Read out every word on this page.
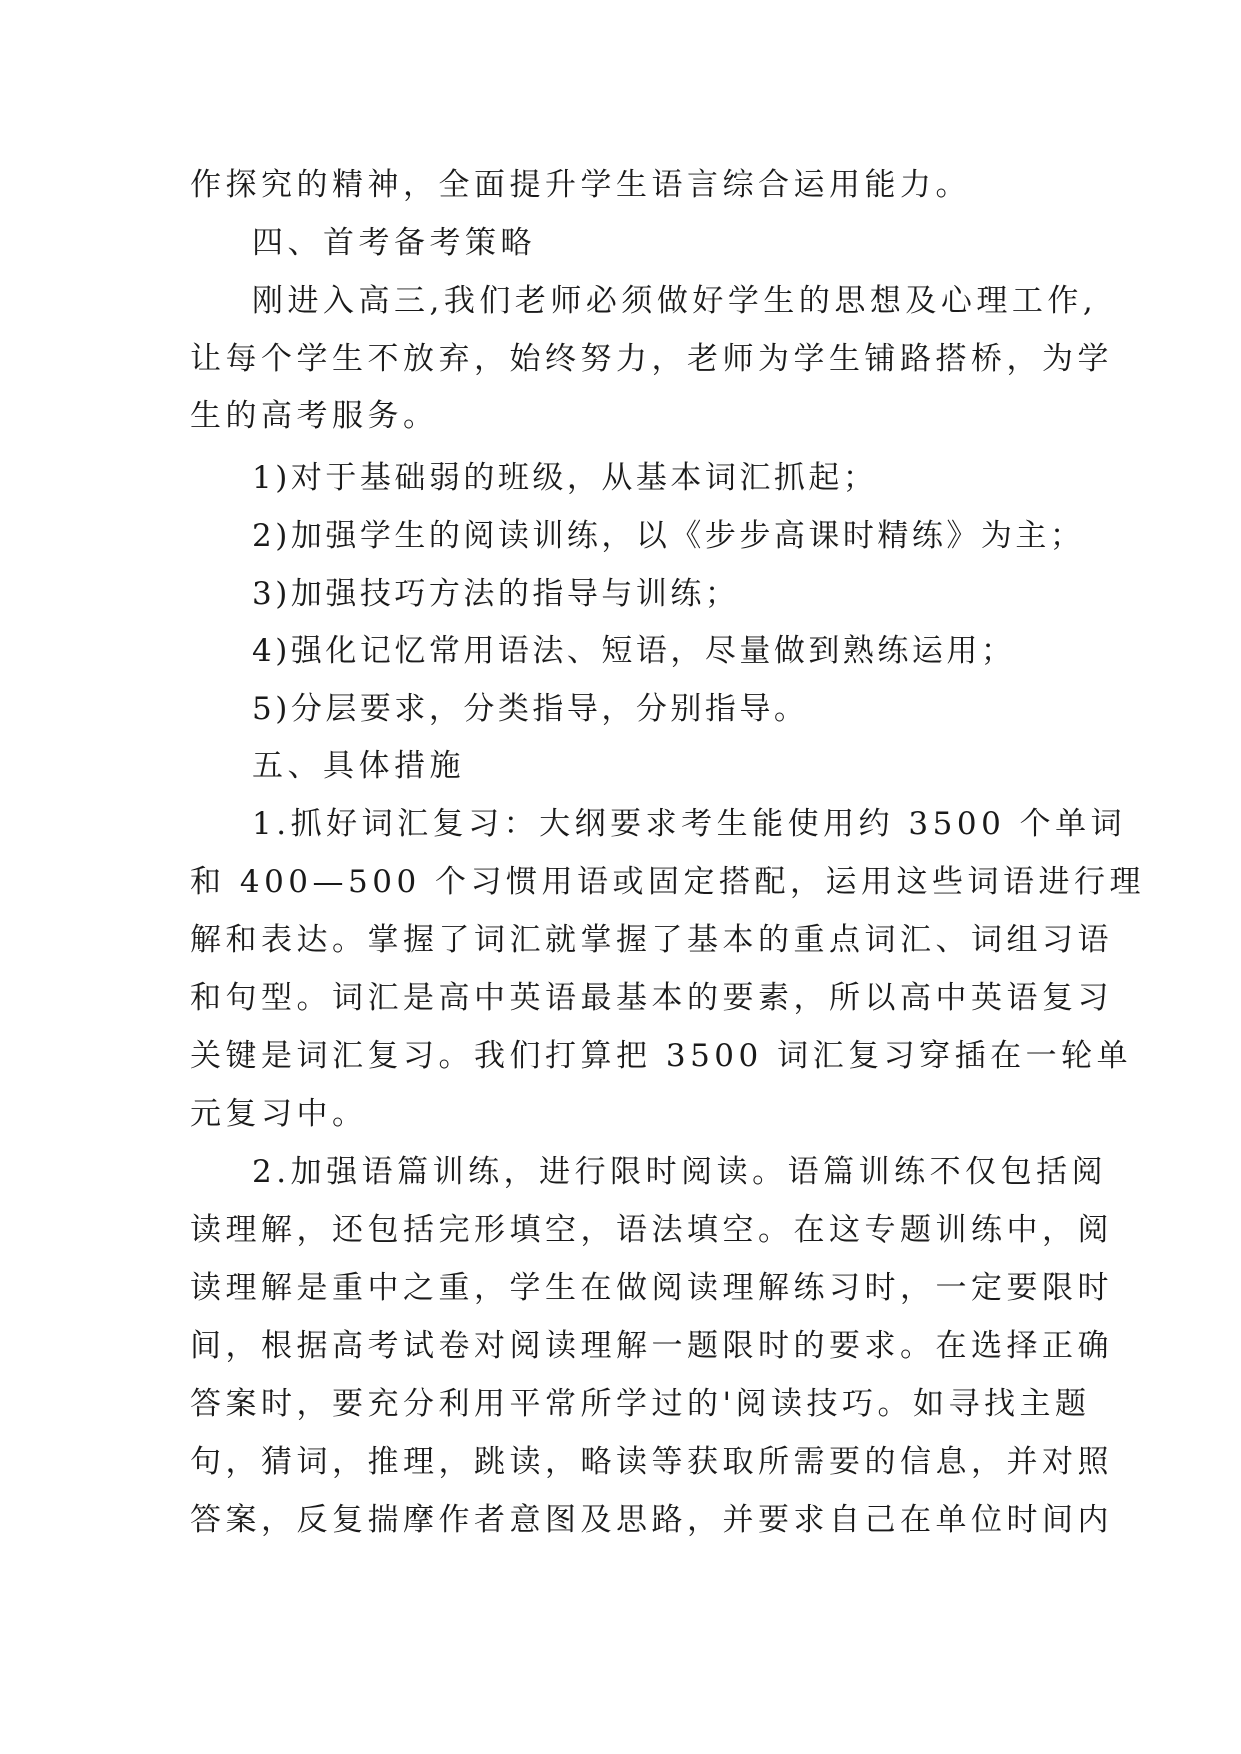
作探究的精神，全面提升学生语言综合运用能力。
四、首考备考策略
刚进入高三,我们老师必须做好学生的思想及心理工作,
让每个学生不放弃，始终努力，老师为学生铺路搭桥，为学
生的高考服务。
1)对于基础弱的班级，从基本词汇抓起；
2)加强学生的阅读训练，以《步步高课时精练》为主；
3)加强技巧方法的指导与训练；
4)强化记忆常用语法、短语，尽量做到熟练运用；
5)分层要求，分类指导，分别指导。
五、具体措施
1.抓好词汇复习：大纲要求考生能使用约 3500 个单词
和 400—500 个习惯用语或固定搭配，运用这些词语进行理
解和表达。掌握了词汇就掌握了基本的重点词汇、词组习语
和句型。词汇是高中英语最基本的要素，所以高中英语复习
关键是词汇复习。我们打算把 3500 词汇复习穿插在一轮单
元复习中。
2.加强语篇训练，进行限时阅读。语篇训练不仅包括阅
读理解，还包括完形填空，语法填空。在这专题训练中，阅
读理解是重中之重，学生在做阅读理解练习时，一定要限时
间，根据高考试卷对阅读理解一题限时的要求。在选择正确
答案时，要充分利用平常所学过的'阅读技巧。如寻找主题
句，猜词，推理，跳读，略读等获取所需要的信息，并对照
答案，反复揣摩作者意图及思路，并要求自己在单位时间内
